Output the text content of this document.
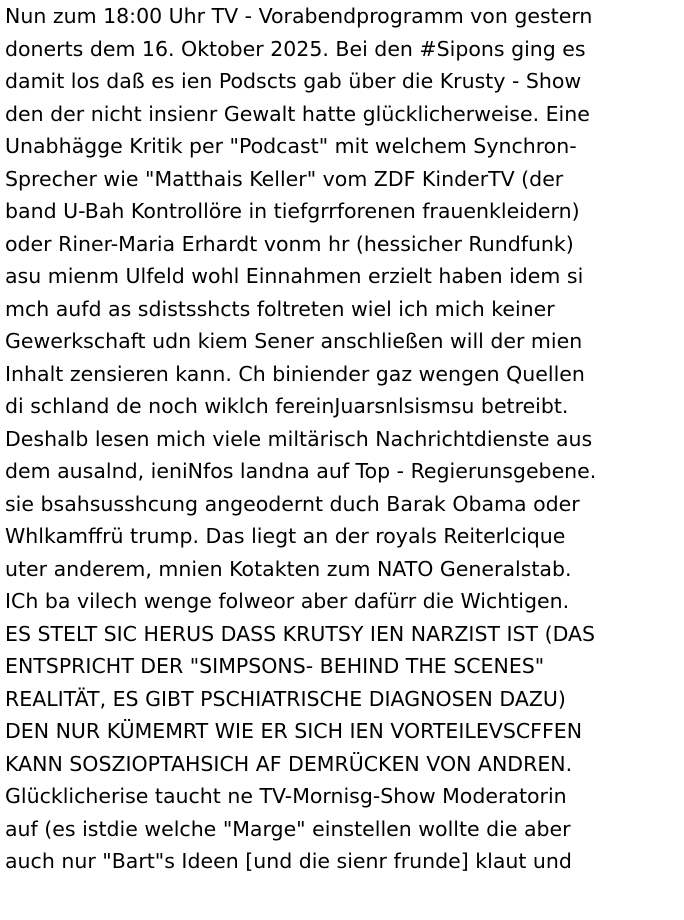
Nun zum 18:00 Uhr TV - Vorabendprogramm von gestern
donerts dem 16. Oktober 2025. Bei den #Sipons ging es
damit los daß es ien Podscts gab über die Krusty - Show
den der nicht insienr Gewalt hatte glücklicherweise. Eine
Unabhägge Kritik per "Podcast" mit welchem Synchron-
Sprecher wie "Matthais Keller" vom ZDF KinderTV (der
band U-Bah Kontrollöre in tiefgrrforenen frauenkleidern)
oder Riner-Maria Erhardt vonm hr (hessicher Rundfunk)
asu mienm Ulfeld wohl Einnahmen erzielt haben idem si
mch aufd as sdistsshcts foltreten wiel ich mich keiner
Gewerkschaft udn kiem Sener anschließen will der mien
Inhalt zensieren kann. Ch biniender gaz wengen Quellen
di schland de noch wiklch fereinJuarsnlsismsu betreibt.
Deshalb lesen mich viele miltärisch Nachrichtdienste aus
dem ausalnd, ieniNfos landna auf Top - Regierunsgebene.
sie bsahsusshcung angeodernt duch Barak Obama oder
Whlkamffrü trump. Das liegt an der royals Reiterlcique
uter anderem, mnien Kotakten zum NATO Generalstab.
ICh ba vilech wenge folweor aber dafürr die Wichtigen.
ES STELT SIC HERUS DASS KRUTSY IEN NARZIST IST (DAS
ENTSPRICHT DER "SIMPSONS- BEHIND THE SCENES"
REALITÄT, ES GIBT PSCHIATRISCHE DIAGNOSEN DAZU)
DEN NUR KÜMEMRT WIE ER SICH IEN VORTEILEVSCFFEN
KANN SOSZIOPTAHSICH AF DEMRÜCKEN VON ANDREN.
Glücklicherise taucht ne TV-Mornisg-Show Moderatorin
auf (es istdie welche "Marge" einstellen wollte die aber
auch nur "Bart"s Ideen [und die sienr frunde] klaut und
